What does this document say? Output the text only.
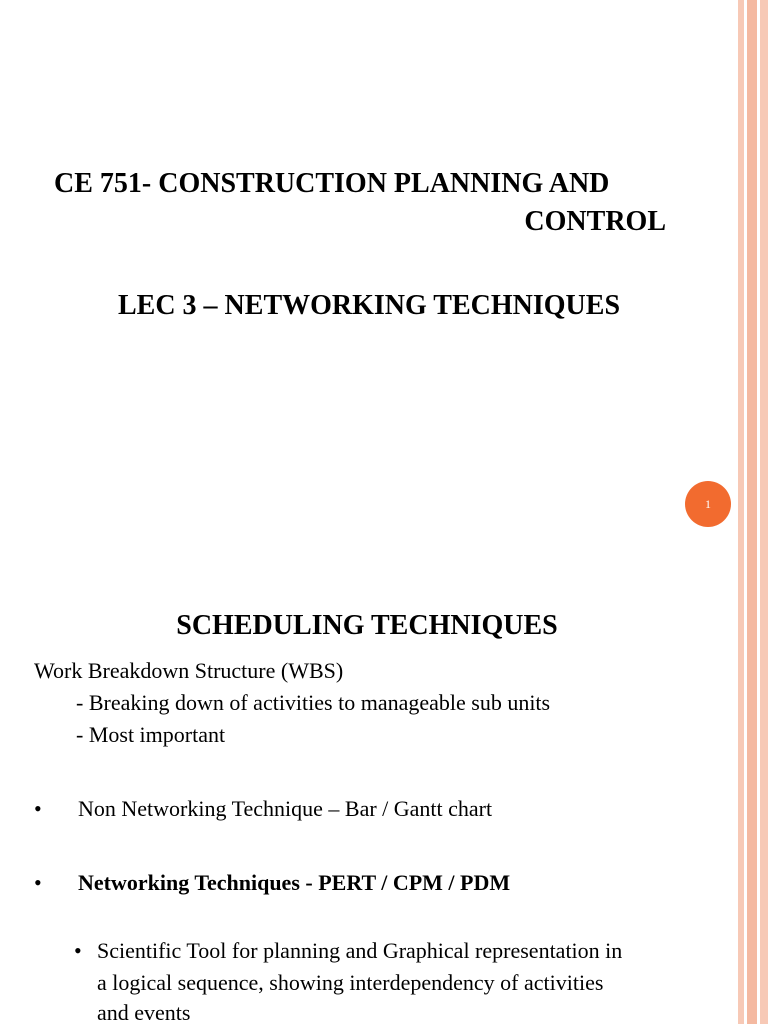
CE 751- CONSTRUCTION PLANNING AND
CONTROL
LEC 3 – NETWORKING TECHNIQUES
1
SCHEDULING TECHNIQUES
Work Breakdown Structure (WBS)
- Breaking down of activities to manageable sub units
- Most important
• Non Networking Technique – Bar / Gantt chart
• Networking Techniques - PERT / CPM / PDM
• Scientific Tool for planning and Graphical representation in
a logical sequence, showing interdependency of activities
and events
